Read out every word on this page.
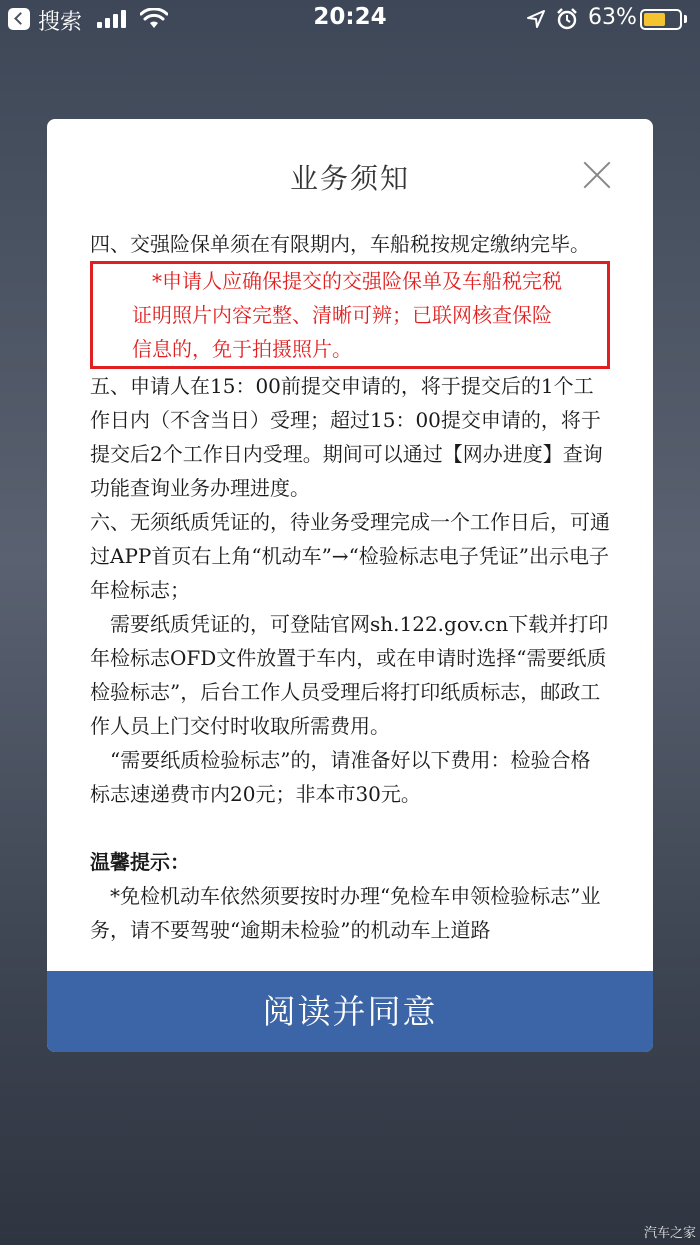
搜索	20:24	63%
业务须知

四、交强险保单须在有限期内，车船税按规定缴纳完毕。

　*申请人应确保提交的交强险保单及车船税完税证明照片内容完整、清晰可辨；已联网核查保险信息的，免于拍摄照片。

五、申请人在15：00前提交申请的，将于提交后的1个工作日内（不含当日）受理；超过15：00提交申请的，将于提交后2个工作日内受理。期间可以通过【网办进度】查询功能查询业务办理进度。

六、无须纸质凭证的，待业务受理完成一个工作日后，可通过APP首页右上角“机动车”→“检验标志电子凭证”出示电子年检标志；

　需要纸质凭证的，可登陆官网sh.122.gov.cn下载并打印年检标志OFD文件放置于车内，或在申请时选择“需要纸质检验标志”，后台工作人员受理后将打印纸质标志，邮政工作人员上门交付时收取所需费用。

　“需要纸质检验标志”的，请准备好以下费用：检验合格标志速递费市内20元；非本市30元。

温馨提示：

　*免检机动车依然须要按时办理“免检车申领检验标志”业务，请不要驾驶“逾期未检验”的机动车上道路

阅读并同意
汽车之家
